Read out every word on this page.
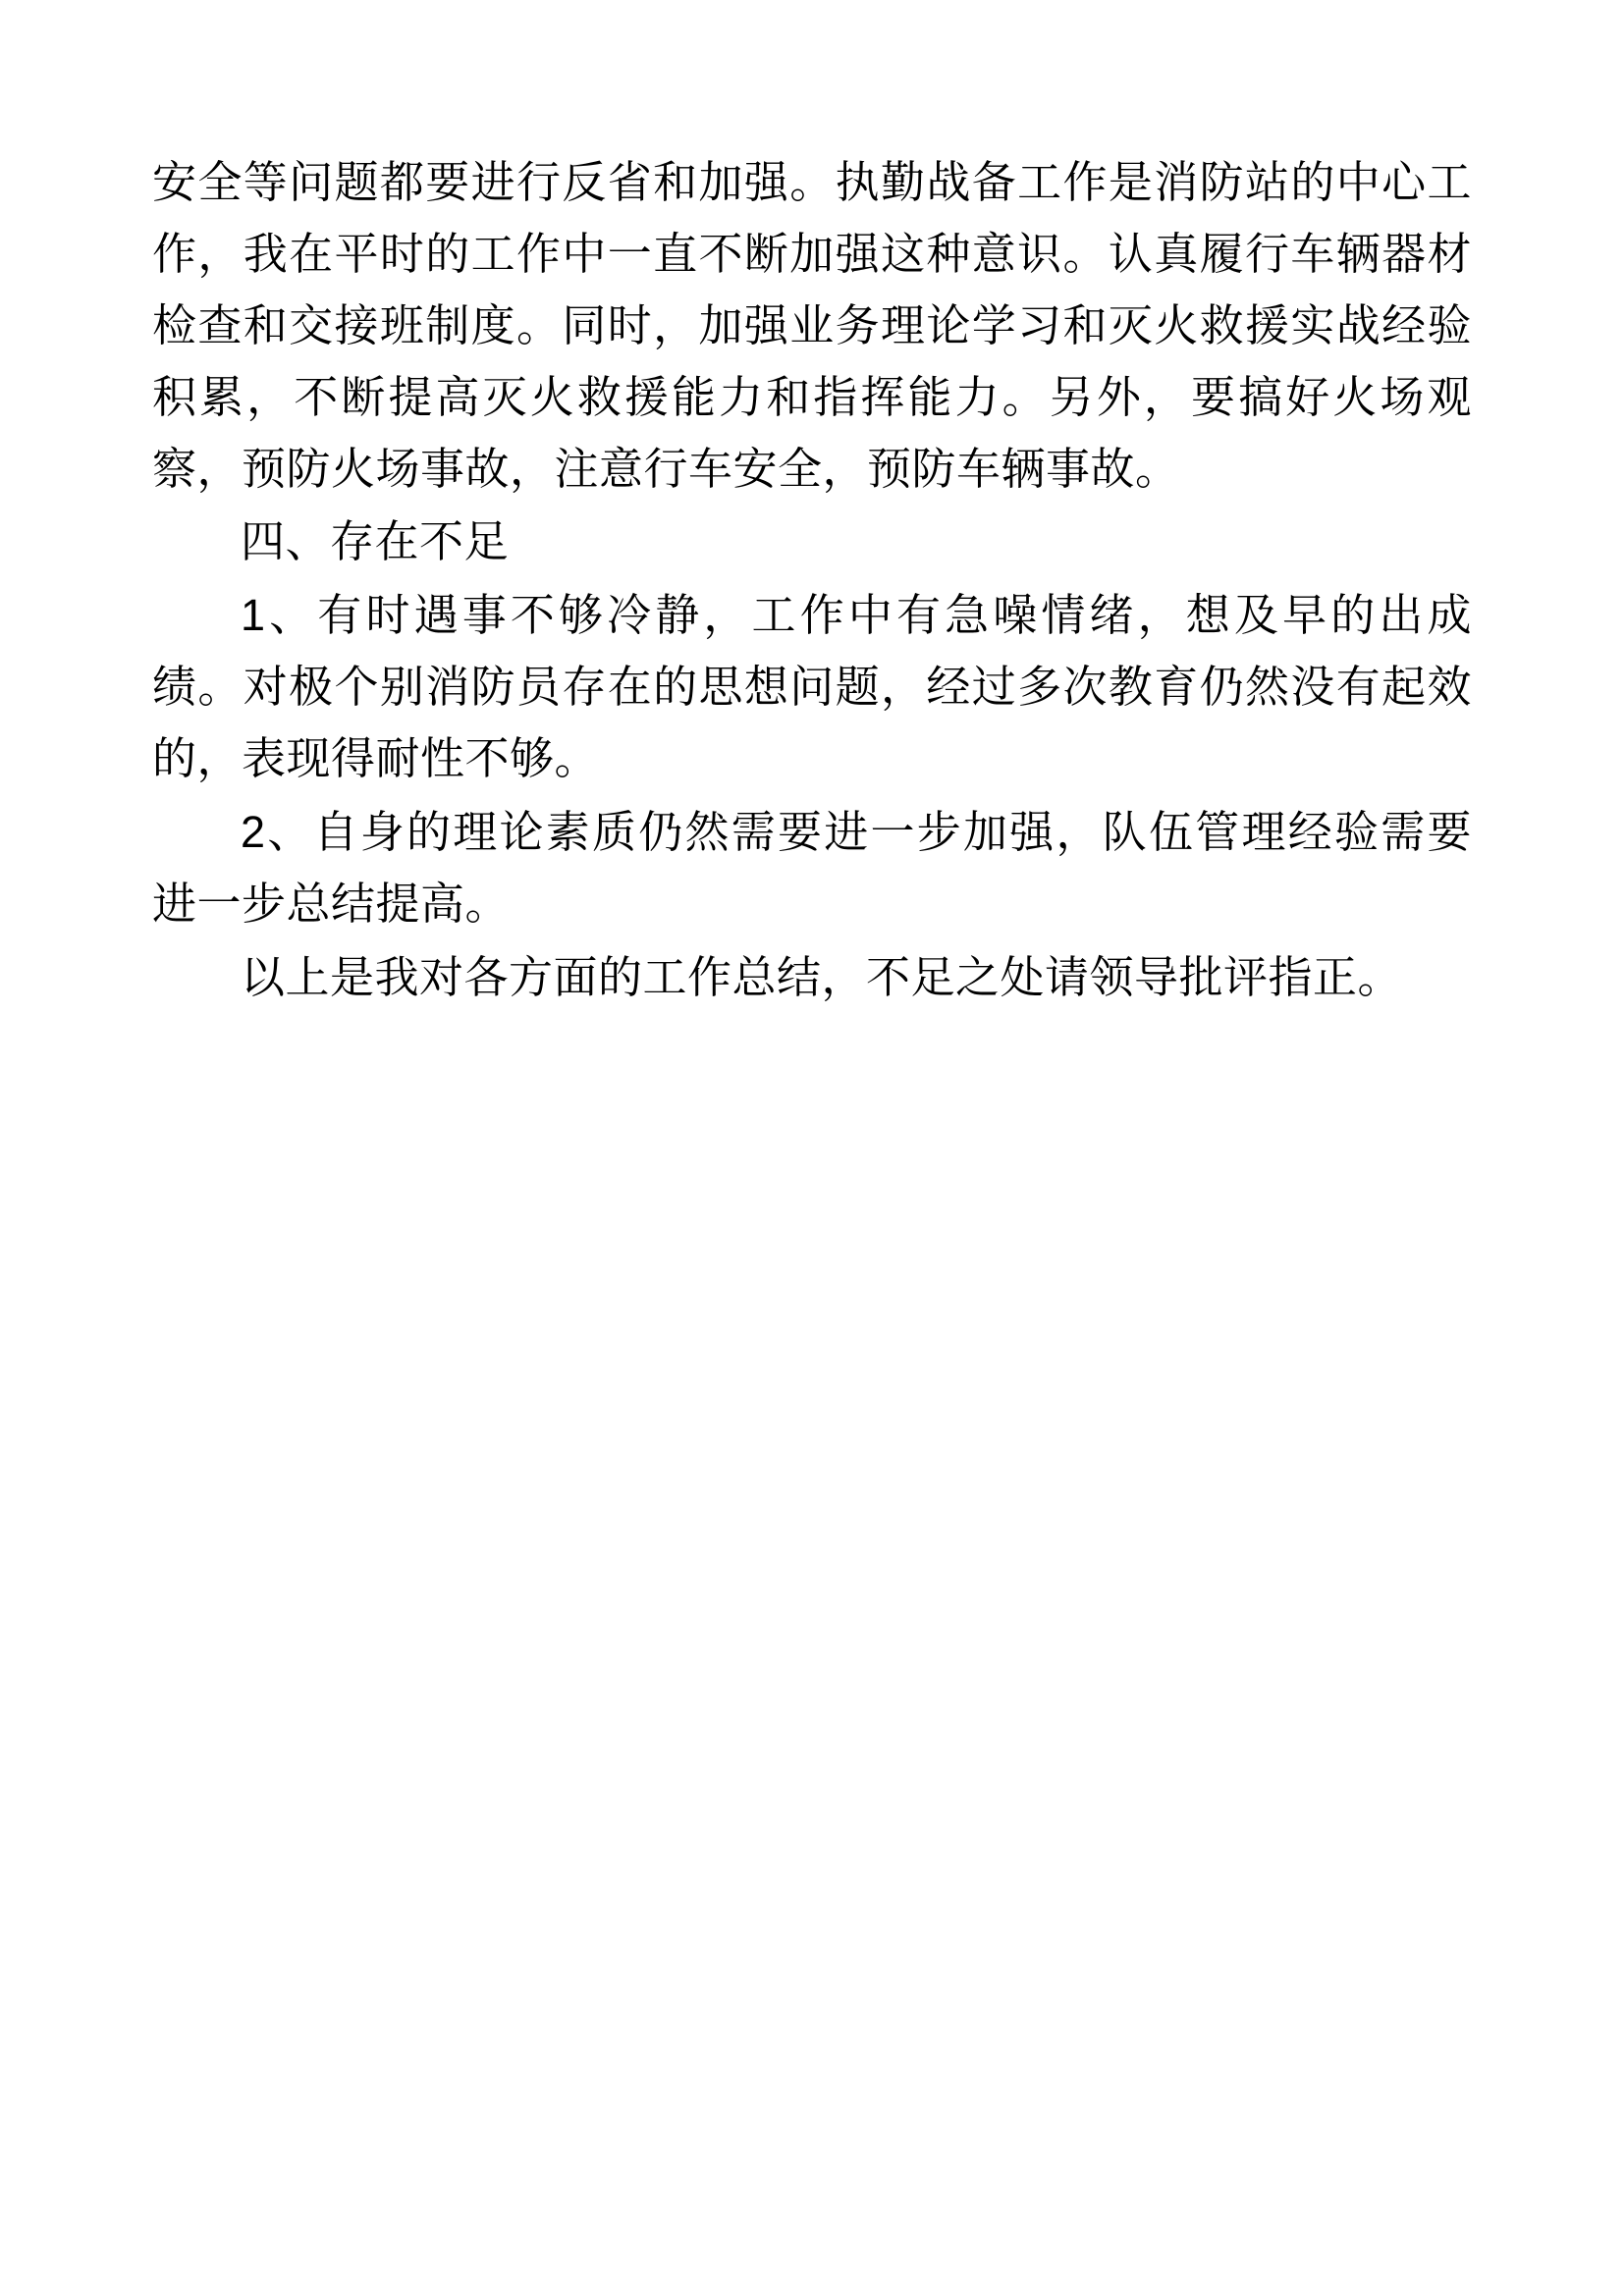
安全等问题都要进行反省和加强。执勤战备工作是消防站的中心工作，我在平时的工作中一直不断加强这种意识。认真履行车辆器材检查和交接班制度。同时，加强业务理论学习和灭火救援实战经验积累，不断提高灭火救援能力和指挥能力。另外，要搞好火场观察，预防火场事故，注意行车安全，预防车辆事故。

四、存在不足

1、有时遇事不够冷静，工作中有急噪情绪，想及早的出成绩。对极个别消防员存在的思想问题，经过多次教育仍然没有起效的，表现得耐性不够。

2、自身的理论素质仍然需要进一步加强，队伍管理经验需要进一步总结提高。

以上是我对各方面的工作总结，不足之处请领导批评指正。
